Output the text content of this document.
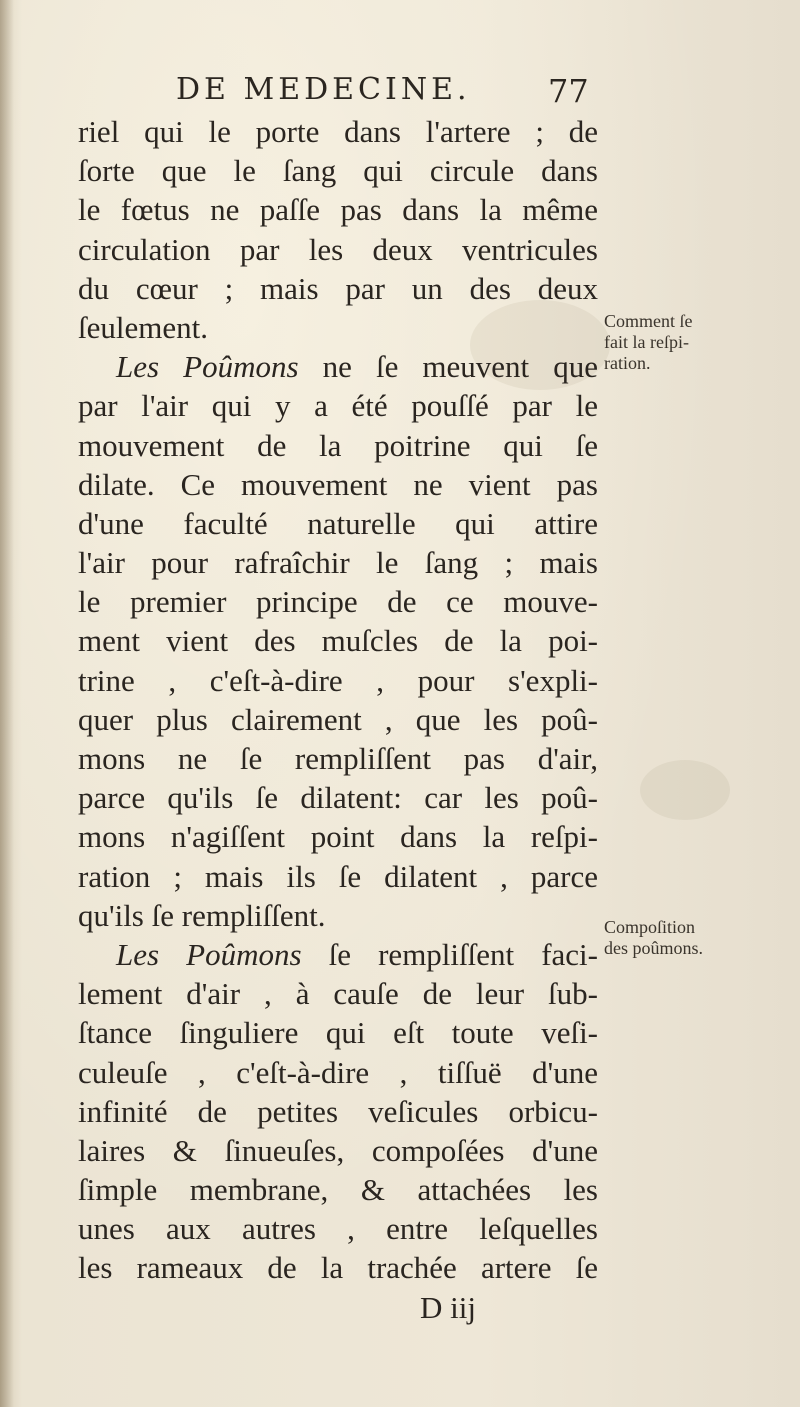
DE MEDECINE. 77
riel qui le porte dans l'artere ; de
ſorte que le ſang qui circule dans
le fœtus ne paſſe pas dans la même
circulation par les deux ventricules
du cœur ; mais par un des deux
ſeulement.
Les Poûmons ne ſe meuvent que
par l'air qui y a été pouſſé par le
mouvement de la poitrine qui ſe
dilate. Ce mouvement ne vient pas
d'une faculté naturelle qui attire
l'air pour rafraîchir le ſang ; mais
le premier principe de ce mouve-
ment vient des muſcles de la poi-
trine , c'eſt-à-dire , pour s'expli-
quer plus clairement , que les poû-
mons ne ſe rempliſſent pas d'air,
parce qu'ils ſe dilatent: car les poû-
mons n'agiſſent point dans la reſpi-
ration ; mais ils ſe dilatent , parce
qu'ils ſe rempliſſent.
Les Poûmons ſe rempliſſent faci-
lement d'air , à cauſe de leur ſub-
ſtance ſinguliere qui eſt toute veſi-
culeuſe , c'eſt-à-dire , tiſſuë d'une
infinité de petites veſicules orbicu-
laires & ſinueuſes, compoſées d'une
ſimple membrane, & attachées les
unes aux autres , entre leſquelles
les rameaux de la trachée artere ſe
D iij
Comment ſe
fait la reſpi-
ration.
Compoſition
des poûmons.
